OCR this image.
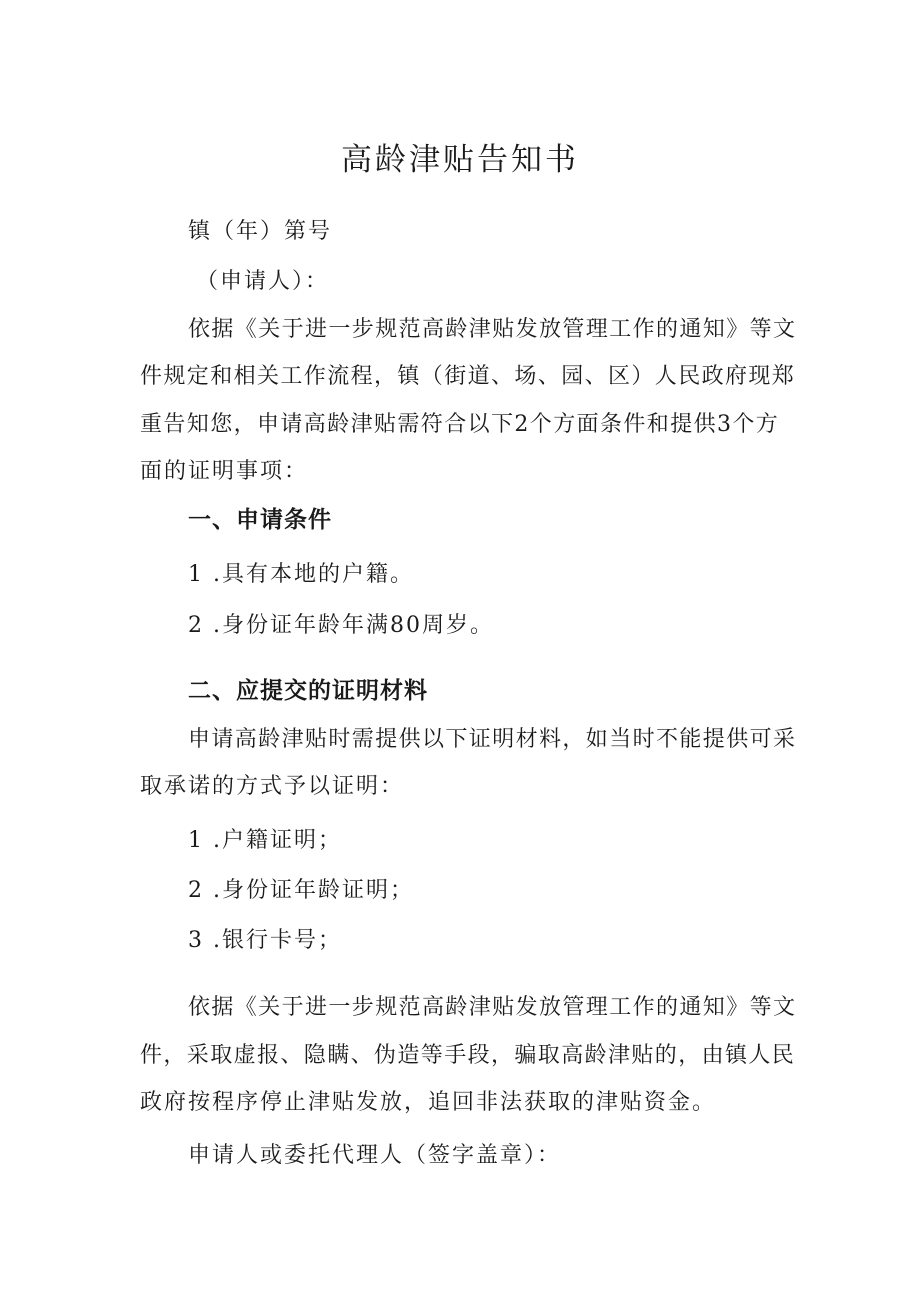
高龄津贴告知书
镇（年）第号
（申请人）：
依据《关于进一步规范高龄津贴发放管理工作的通知》等文
件规定和相关工作流程，镇（街道、场、园、区）人民政府现郑
重告知您，申请高龄津贴需符合以下2个方面条件和提供3个方
面的证明事项：
一、申请条件
1 .具有本地的户籍。
2 .身份证年龄年满80周岁。
二、应提交的证明材料
申请高龄津贴时需提供以下证明材料，如当时不能提供可采
取承诺的方式予以证明：
1 .户籍证明；
2 .身份证年龄证明；
3 .银行卡号；
依据《关于进一步规范高龄津贴发放管理工作的通知》等文
件，采取虚报、隐瞒、伪造等手段，骗取高龄津贴的，由镇人民
政府按程序停止津贴发放，追回非法获取的津贴资金。
申请人或委托代理人（签字盖章）：
